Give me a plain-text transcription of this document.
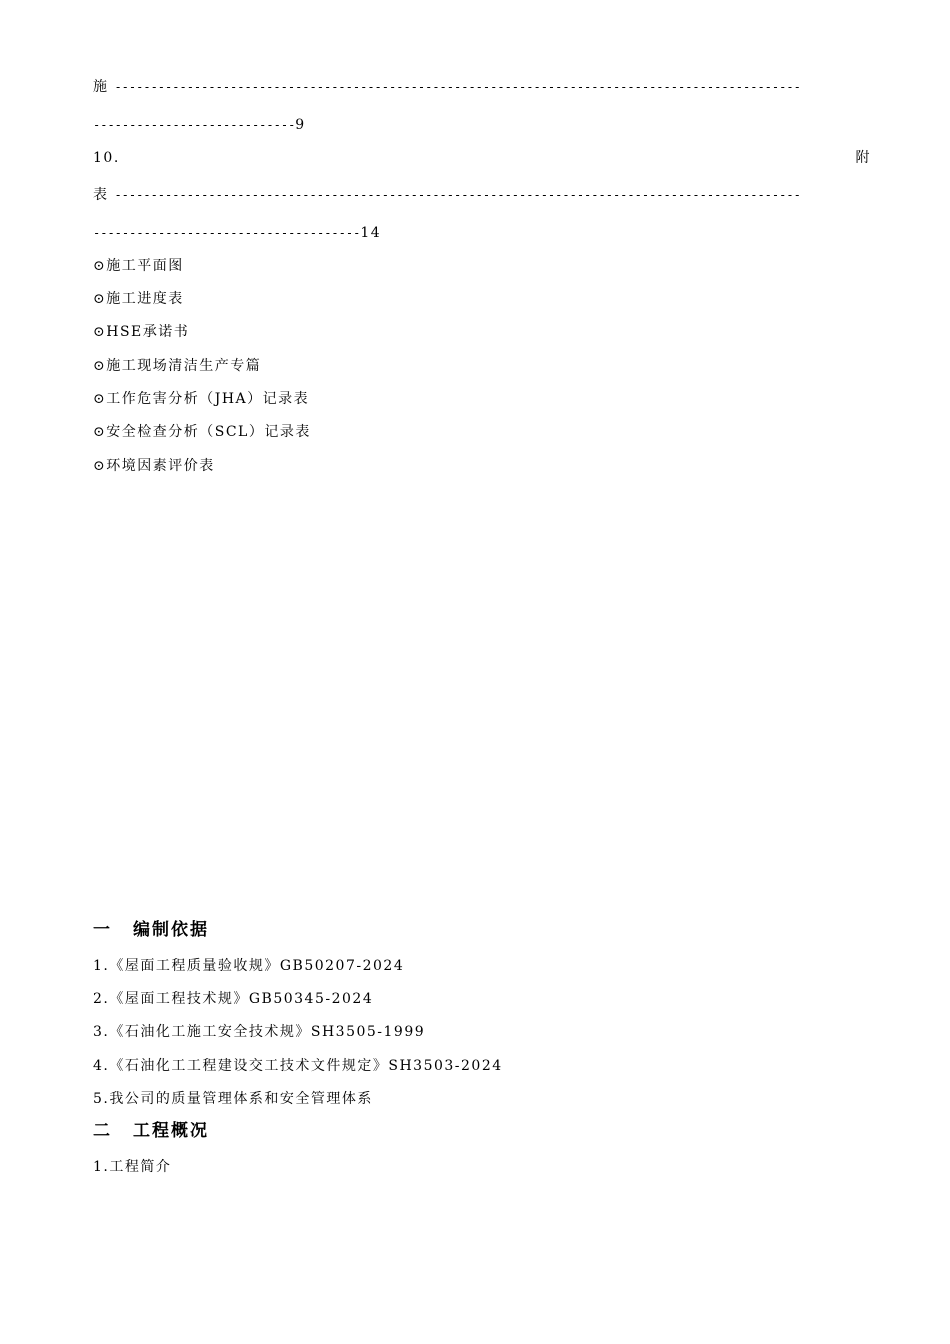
施 -----------------------------------------------------------------------------------------------
----------------------------9
10.	附
表 -----------------------------------------------------------------------------------------------
-------------------------------------14
⊙施工平面图
⊙施工进度表
⊙HSE承诺书
⊙施工现场清洁生产专篇
⊙工作危害分析（JHA）记录表
⊙安全检查分析（SCL）记录表
⊙环境因素评价表
一 编制依据
1.《屋面工程质量验收规》GB50207-2024
2.《屋面工程技术规》GB50345-2024
3.《石油化工施工安全技术规》SH3505-1999
4.《石油化工工程建设交工技术文件规定》SH3503-2024
5.我公司的质量管理体系和安全管理体系
二 工程概况
1.工程简介
